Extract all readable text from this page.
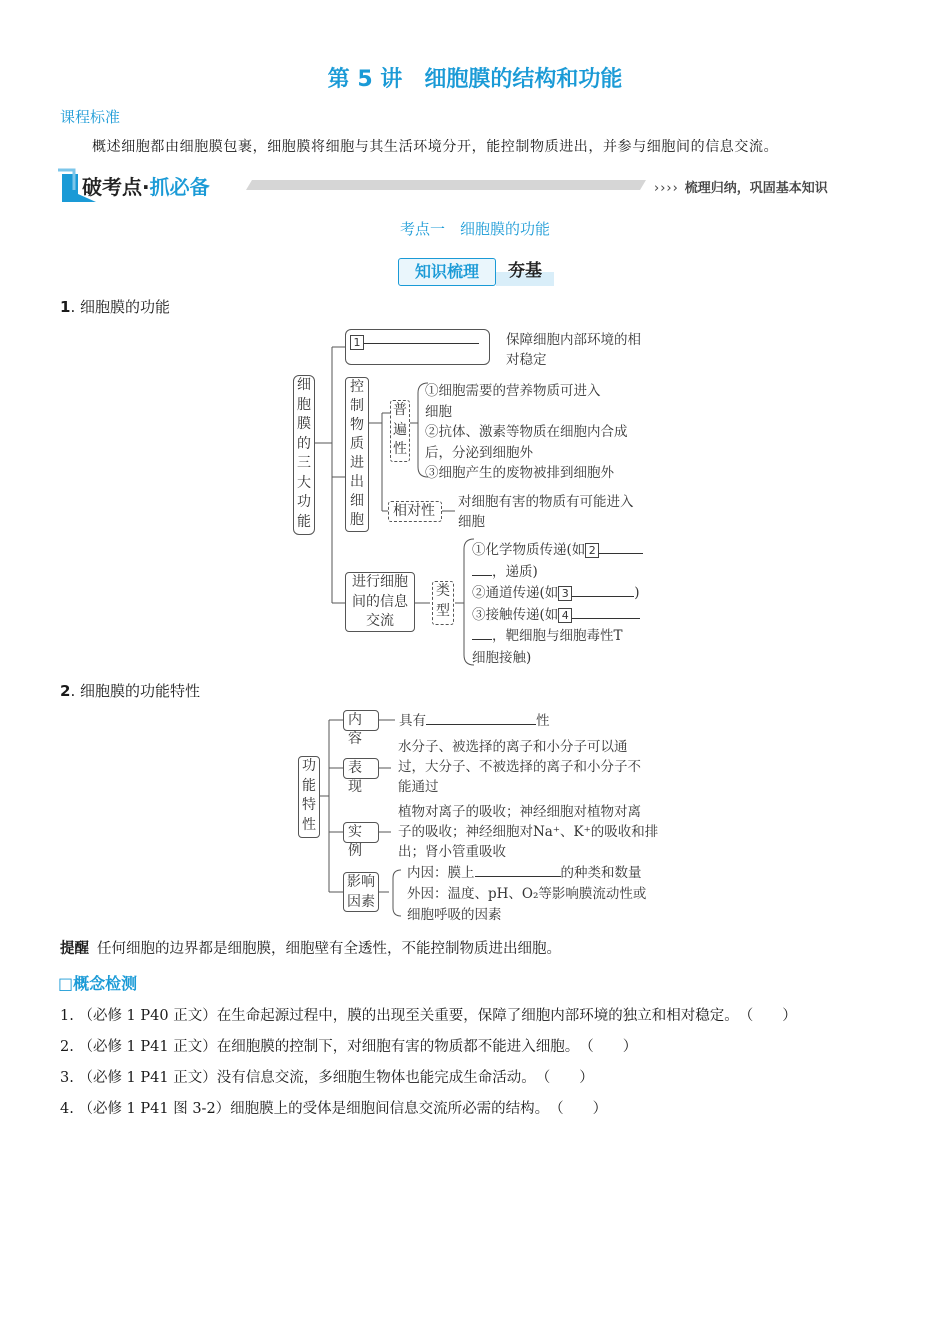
第 5 讲 细胞膜的结构和功能
课程标准
概述细胞都由细胞膜包裹，细胞膜将细胞与其生活环境分开，能控制物质进出，并参与细胞间的信息交流。
破考点·抓必备	›››› 梳理归纳，巩固基本知识
考点一　细胞膜的功能
知识梳理	夯基
1. 细胞膜的功能
细
胞
膜
的
三
大
功
能
1	保障细胞内部环境的相
对稳定
控
制
物
质
进
出
细
胞
普
遍
性
①细胞需要的营养物质可进入
细胞
②抗体、激素等物质在细胞内合成
后，分泌到细胞外
③细胞产生的废物被排到细胞外
相对性
对细胞有害的物质有可能进入
细胞
进行细胞
间的信息
交流
类
型
①化学物质传递(如 2
，递质)
②通道传递(如 3	)
③接触传递(如 4
，靶细胞与细胞毒性T
细胞接触)
2. 细胞膜的功能特性
功
能
特
性
内容
具有	性
表现
水分子、被选择的离子和小分子可以通
过，大分子、不被选择的离子和小分子不
能通过
实例
植物对离子的吸收；神经细胞对植物对离
子的吸收；神经细胞对Na⁺、K⁺的吸收和排
出；肾小管重吸收
影响
因素
内因：膜上	的种类和数量
外因：温度、pH、O₂等影响膜流动性或
细胞呼吸的因素
提醒 任何细胞的边界都是细胞膜，细胞壁有全透性，不能控制物质进出细胞。
□概念检测
1. （必修 1 P40 正文）在生命起源过程中，膜的出现至关重要，保障了细胞内部环境的独立和相对稳定。（　　）
2. （必修 1 P41 正文）在细胞膜的控制下，对细胞有害的物质都不能进入细胞。（　　）
3. （必修 1 P41 正文）没有信息交流，多细胞生物体也能完成生命活动。（　　）
4. （必修 1 P41 图 3-2）细胞膜上的受体是细胞间信息交流所必需的结构。（　　）
